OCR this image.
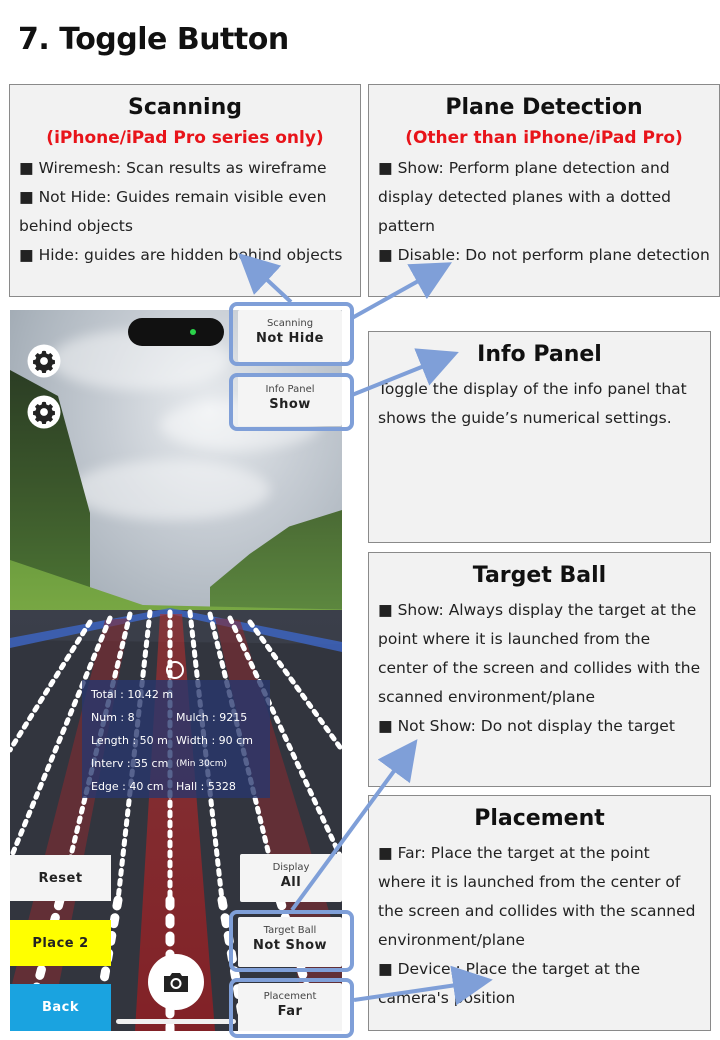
7. Toggle Button
Scanning
(iPhone/iPad Pro series only)
■ Wiremesh: Scan results as wireframe
■ Not Hide: Guides remain visible even behind objects
■ Hide: guides are hidden behind objects
Plane Detection
(Other than iPhone/iPad Pro)
■ Show: Perform plane detection and display detected planes with a dotted pattern
■ Disable: Do not perform plane detection
Info Panel
Toggle the display of the info panel that shows the guide’s numerical settings.
Target Ball
■ Show: Always display the target at the point where it is launched from the center of the screen and collides with the scanned environment/plane
■ Not Show: Do not display the target
Placement
■ Far: Place the target at the point where it is launched from the center of the screen and collides with the scanned environment/plane
■ Device : Place the target at the camera's position
Total : 10.42 m
Num : 8	Mulch : 9215
Length : 50 m Width : 90 cm
Interv : 35 cm (Min 30cm)
Edge : 40 cm Hall : 5328
Scanning
Not Hide
Info Panel
Show
Display
All
Target Ball
Not Show
Placement
Far
Reset
Place 2
Back
